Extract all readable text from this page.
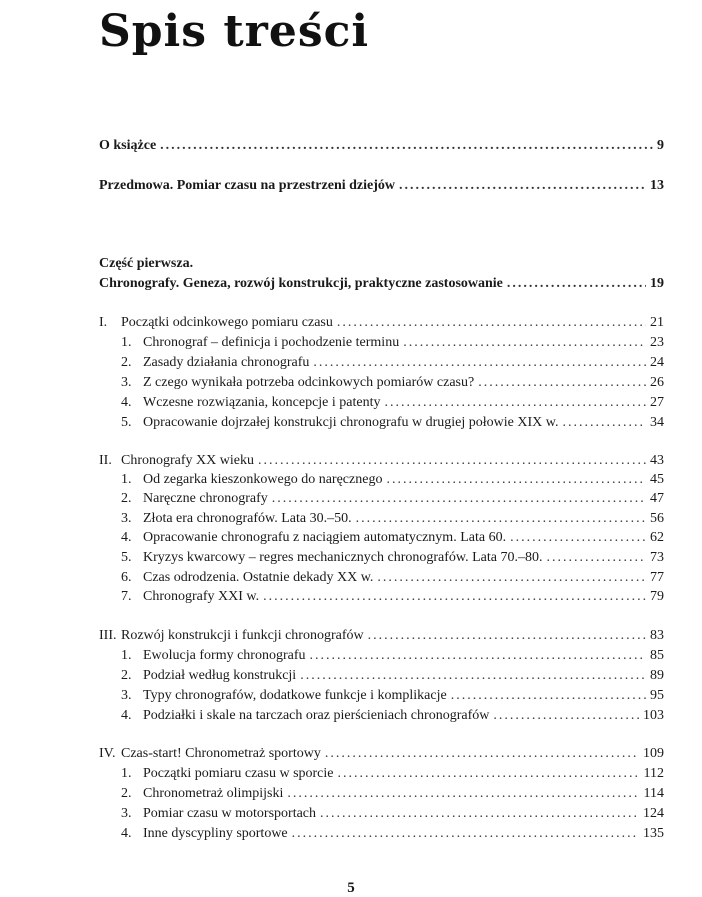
Spis treści
O książce .....	9
Przedmowa. Pomiar czasu na przestrzeni dziejów .....	13
Część pierwsza.
Chronografy. Geneza, rozwój konstrukcji, praktyczne zastosowanie .....	19
I. Początki odcinkowego pomiaru czasu .....	21
1. Chronograf – definicja i pochodzenie terminu .....	23
2. Zasady działania chronografu .....	24
3. Z czego wynikała potrzeba odcinkowych pomiarów czasu? .....	26
4. Wczesne rozwiązania, koncepcje i patenty .....	27
5. Opracowanie dojrzałej konstrukcji chronografu w drugiej połowie XIX w. .....	34
II. Chronografy XX wieku .....	43
1. Od zegarka kieszonkowego do naręcznego .....	45
2. Naręczne chronografy .....	47
3. Złota era chronografów. Lata 30.–50. .....	56
4. Opracowanie chronografu z naciągiem automatycznym. Lata 60. .....	62
5. Kryzys kwarcowy – regres mechanicznych chronografów. Lata 70.–80. .....	73
6. Czas odrodzenia. Ostatnie dekady XX w. .....	77
7. Chronografy XXI w. .....	79
III. Rozwój konstrukcji i funkcji chronografów .....	83
1. Ewolucja formy chronografu .....	85
2. Podział według konstrukcji .....	89
3. Typy chronografów, dodatkowe funkcje i komplikacje .....	95
4. Podziałki i skale na tarczach oraz pierścieniach chronografów .....	103
IV. Czas-start! Chronometraż sportowy .....	109
1. Początki pomiaru czasu w sporcie .....	112
2. Chronometraż olimpijski .....	114
3. Pomiar czasu w motorsportach .....	124
4. Inne dyscypliny sportowe .....	135
5
